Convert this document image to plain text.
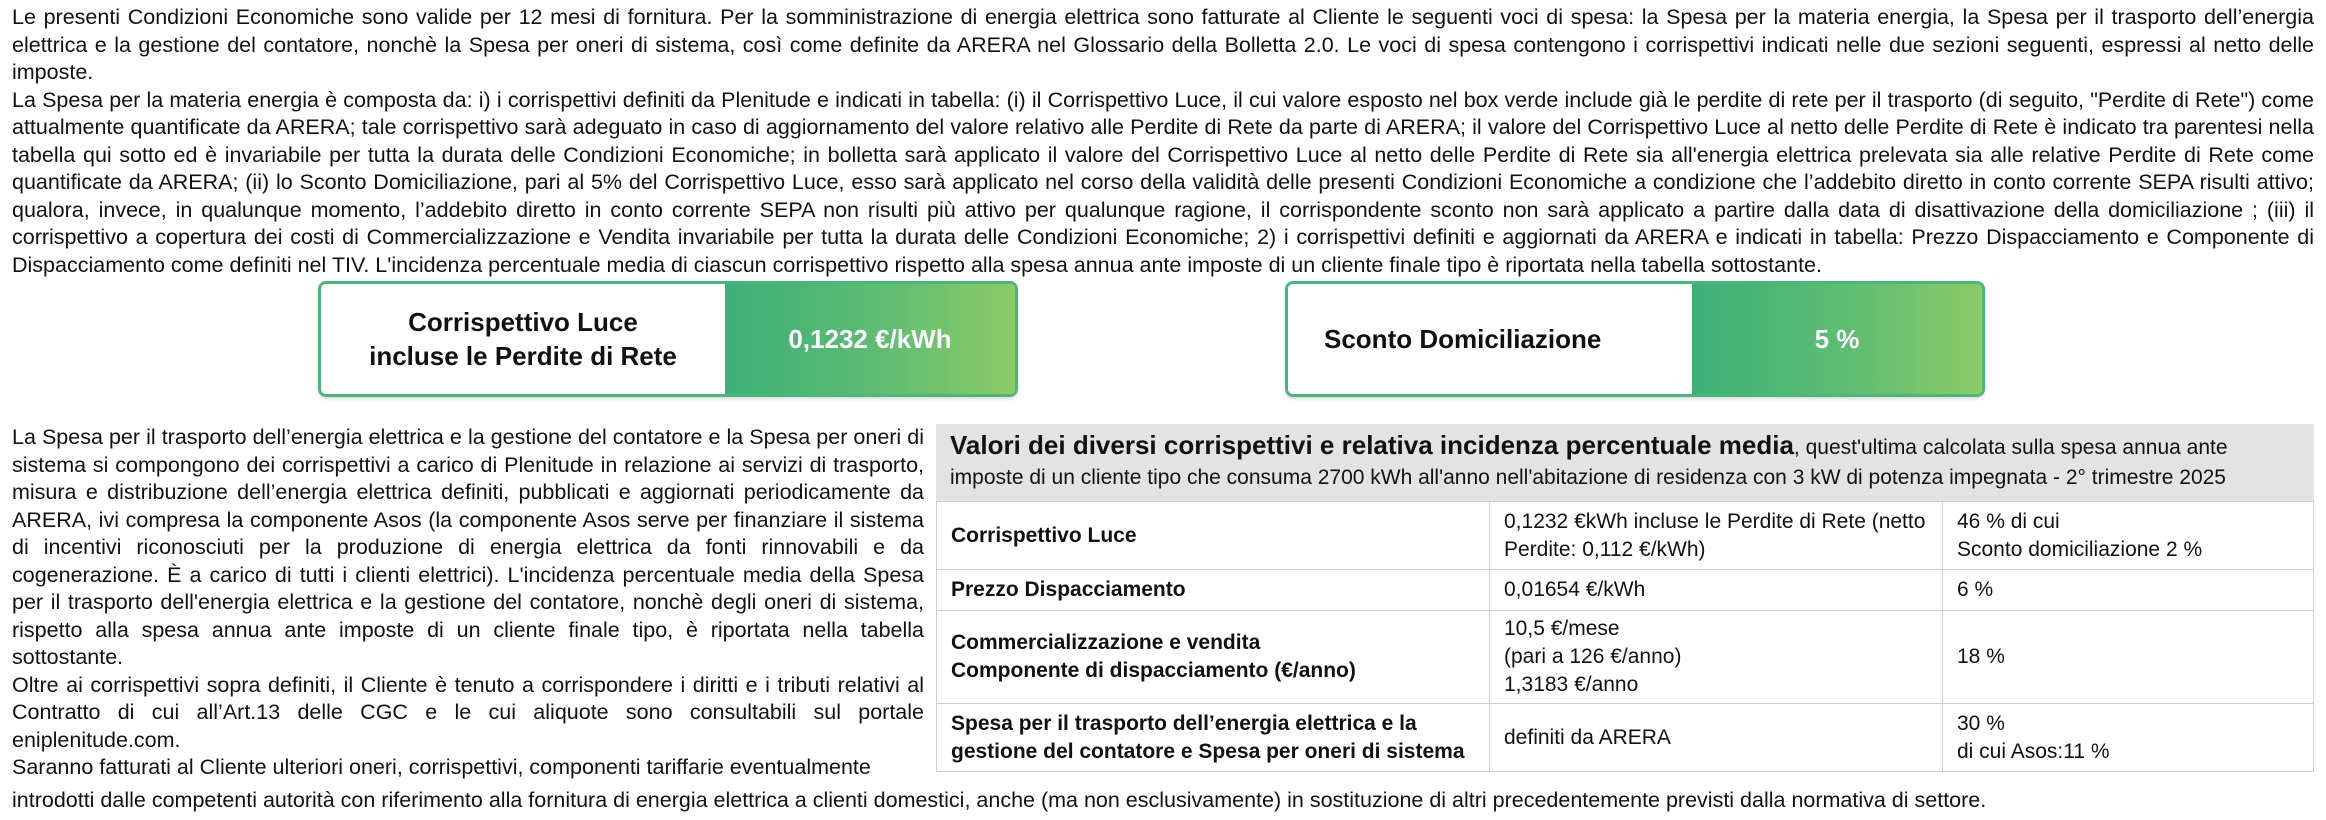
Le presenti Condizioni Economiche sono valide per 12 mesi di fornitura. Per la somministrazione di energia elettrica sono fatturate al Cliente le seguenti voci di spesa: la Spesa per la materia energia, la Spesa per il trasporto dell’energia elettrica e la gestione del contatore, nonchè la Spesa per oneri di sistema, così come definite da ARERA nel Glossario della Bolletta 2.0. Le voci di spesa contengono i corrispettivi indicati nelle due sezioni seguenti, espressi al netto delle imposte.

La Spesa per la materia energia è composta da: i) i corrispettivi definiti da Plenitude e indicati in tabella: (i) il Corrispettivo Luce, il cui valore esposto nel box verde include già le perdite di rete per il trasporto (di seguito, "Perdite di Rete") come attualmente quantificate da ARERA; tale corrispettivo sarà adeguato in caso di aggiornamento del valore relativo alle Perdite di Rete da parte di ARERA; il valore del Corrispettivo Luce al netto delle Perdite di Rete è indicato tra parentesi nella tabella qui sotto ed è invariabile per tutta la durata delle Condizioni Economiche; in bolletta sarà applicato il valore del Corrispettivo Luce al netto delle Perdite di Rete sia all'energia elettrica prelevata sia alle relative Perdite di Rete come quantificate da ARERA; (ii) lo Sconto Domiciliazione, pari al 5% del Corrispettivo Luce, esso sarà applicato nel corso della validità delle presenti Condizioni Economiche a condizione che l’addebito diretto in conto corrente SEPA risulti attivo; qualora, invece, in qualunque momento, l’addebito diretto in conto corrente SEPA non risulti più attivo per qualunque ragione, il corrispondente sconto non sarà applicato a partire dalla data di disattivazione della domiciliazione ; (iii) il corrispettivo a copertura dei costi di Commercializzazione e Vendita invariabile per tutta la durata delle Condizioni Economiche; 2) i corrispettivi definiti e aggiornati da ARERA e indicati in tabella: Prezzo Dispacciamento e Componente di Dispacciamento come definiti nel TIV. L'incidenza percentuale media di ciascun corrispettivo rispetto alla spesa annua ante imposte di un cliente finale tipo è riportata nella tabella sottostante.

Corrispettivo Luce
incluse le Perdite di Rete
0,1232 €/kWh	Sconto Domiciliazione	5 %

La Spesa per il trasporto dell’energia elettrica e la gestione del contatore e la Spesa per oneri di sistema si compongono dei corrispettivi a carico di Plenitude in relazione ai servizi di trasporto, misura e distribuzione dell’energia elettrica definiti, pubblicati e aggiornati periodicamente da ARERA, ivi compresa la componente Asos (la componente Asos serve per finanziare il sistema di incentivi riconosciuti per la produzione di energia elettrica da fonti rinnovabili e da cogenerazione. È a carico di tutti i clienti elettrici). L'incidenza percentuale media della Spesa per il trasporto dell'energia elettrica e la gestione del contatore, nonchè degli oneri di sistema, rispetto alla spesa annua ante imposte di un cliente finale tipo, è riportata nella tabella sottostante.

Oltre ai corrispettivi sopra definiti, il Cliente è tenuto a corrispondere i diritti e i tributi relativi al Contratto di cui all’Art.13 delle CGC e le cui aliquote sono consultabili sul portale eniplenitude.com.

Saranno fatturati al Cliente ulteriori oneri, corrispettivi, componenti tariffarie eventualmente

introdotti dalle competenti autorità con riferimento alla fornitura di energia elettrica a clienti domestici, anche (ma non esclusivamente) in sostituzione di altri precedentemente previsti dalla normativa di settore.
Valori dei diversi corrispettivi e relativa incidenza percentuale media, quest'ultima calcolata sulla spesa annua ante imposte di un cliente tipo che consuma 2700 kWh all'anno nell'abitazione di residenza con 3 kW di potenza impegnata - 2° trimestre 2025
Corrispettivo Luce	0,1232 €kWh incluse le Perdite di Rete (netto Perdite: 0,112 €/kWh)	46 % di cui
Sconto domiciliazione 2 %

Prezzo Dispacciamento	0,01654 €/kWh	6 %

Commercializzazione e vendita
Componente di dispacciamento (€/anno)	10,5 €/mese
(pari a 126 €/anno)
1,3183 €/anno	18 %

Spesa per il trasporto dell’energia elettrica e la
gestione del contatore e Spesa per oneri di sistema	definiti da ARERA	30 %
di cui Asos:11 %
